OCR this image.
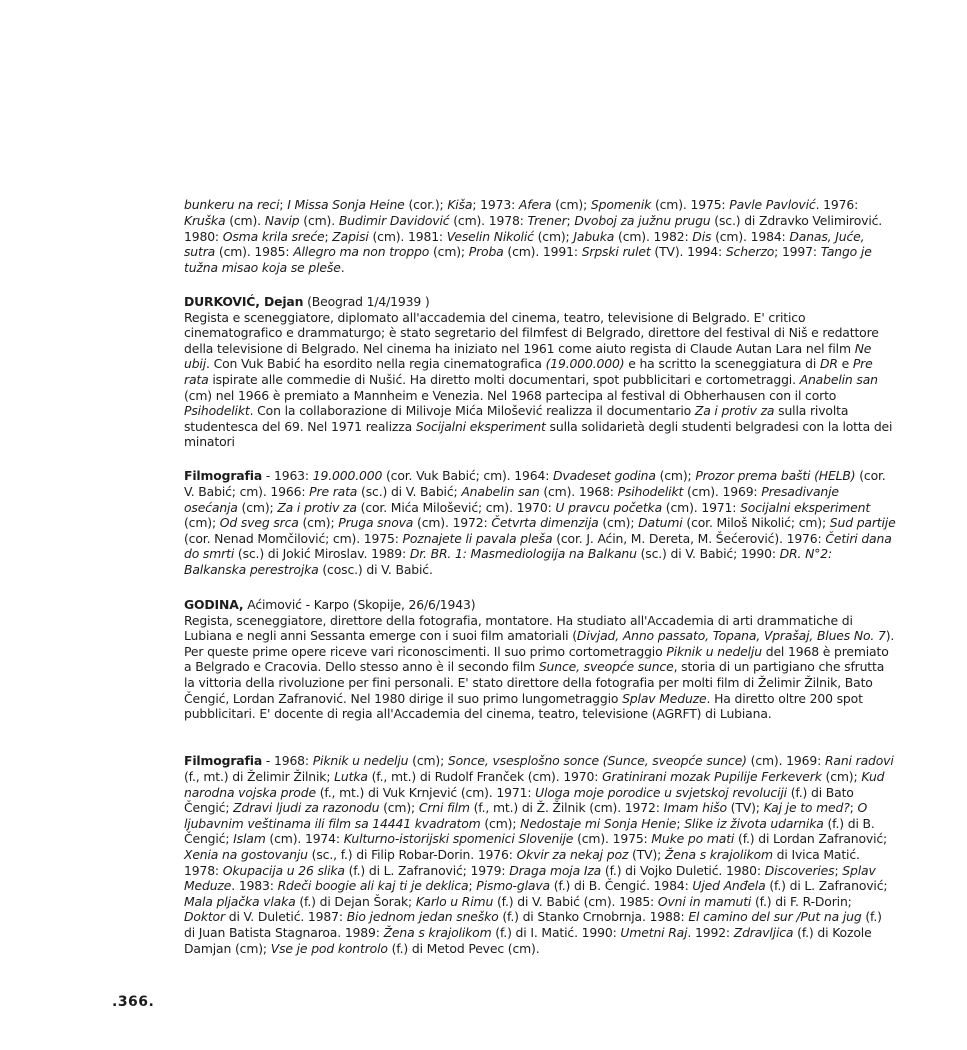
bunkeru na reci; I Missa Sonja Heine (cor.); Kiša; 1973: Afera (cm); Spomenik (cm). 1975: Pavle Pavlović. 1976: Kruška (cm). Navip (cm). Budimir Davidović (cm). 1978: Trener; Dvoboj za južnu prugu (sc.) di Zdravko Velimirović. 1980: Osma krila sreće; Zapisi (cm). 1981: Veselin Nikolić (cm); Jabuka (cm). 1982: Dis (cm). 1984: Danas, Juće, sutra (cm). 1985: Allegro ma non troppo (cm); Proba (cm). 1991: Srpski rulet (TV). 1994: Scherzo; 1997: Tango je tužna misao koja se pleše.

DURKOVIĆ, Dejan (Beograd 1/4/1939 )

Regista e sceneggiatore, diplomato all'accademia del cinema, teatro, televisione di Belgrado. E' critico cinematografico e drammaturgo; è stato segretario del filmfest di Belgrado, direttore del festival di Niš e redattore della televisione di Belgrado. Nel cinema ha iniziato nel 1961 come aiuto regista di Claude Autan Lara nel film Ne ubij. Con Vuk Babić ha esordito nella regia cinematografica (19.000.000) e ha scritto la sceneggiatura di DR e Pre rata ispirate alle commedie di Nušić. Ha diretto molti documentari, spot pubblicitari e cortometraggi. Anabelin san (cm) nel 1966 è premiato a Mannheim e Venezia. Nel 1968 partecipa al festival di Obherhausen con il corto Psihodelikt. Con la collaborazione di Milivoje Mića Milošević realizza il documentario Za i protiv za sulla rivolta studentesca del 69. Nel 1971 realizza Socijalni eksperiment sulla solidarietà degli studenti belgradesi con la lotta dei minatori

Filmografia - 1963: 19.000.000 (cor. Vuk Babić; cm). 1964: Dvadeset godina (cm); Prozor prema bašti (HELB) (cor. V. Babić; cm). 1966: Pre rata (sc.) di V. Babić; Anabelin san (cm). 1968: Psihodelikt (cm). 1969: Presadivanje osećanja (cm); Za i protiv za (cor. Mića Milošević; cm). 1970: U pravcu početka (cm). 1971: Socijalni eksperiment (cm); Od sveg srca (cm); Pruga snova (cm). 1972: Četvrta dimenzija (cm); Datumi (cor. Miloš Nikolić; cm); Sud partije (cor. Nenad Momčilović; cm). 1975: Poznajete li pavala pleša (cor. J. Aćin, M. Dereta, M. Šećerović). 1976: Četiri dana do smrti (sc.) di Jokić Miroslav. 1989: Dr. BR. 1: Masmediologija na Balkanu (sc.) di V. Babić; 1990: DR. N°2: Balkanska perestrojka (cosc.) di V. Babić.

GODINA, Aćimović - Karpo (Skopije, 26/6/1943)

Regista, sceneggiatore, direttore della fotografia, montatore. Ha studiato all'Accademia di arti drammatiche di Lubiana e negli anni Sessanta emerge con i suoi film amatoriali (Divjad, Anno passato, Topana, Vprašaj, Blues No. 7). Per queste prime opere riceve vari riconoscimenti. Il suo primo cortometraggio Piknik u nedelju del 1968 è premiato a Belgrado e Cracovia. Dello stesso anno è il secondo film Sunce, sveopće sunce, storia di un partigiano che sfrutta la vittoria della rivoluzione per fini personali. E' stato direttore della fotografia per molti film di Želimir Žilnik, Bato Čengić, Lordan Zafranović. Nel 1980 dirige il suo primo lungometraggio Splav Meduze. Ha diretto oltre 200 spot pubblicitari. E' docente di regia all'Accademia del cinema, teatro, televisione (AGRFT) di Lubiana.

Filmografia - 1968: Piknik u nedelju (cm); Sonce, vsesplošno sonce (Sunce, sveopće sunce) (cm). 1969: Rani radovi (f., mt.) di Želimir Žilnik; Lutka (f., mt.) di Rudolf Franček (cm). 1970: Gratinirani mozak Pupilije Ferkeverk (cm); Kud narodna vojska prode (f., mt.) di Vuk Krnjević (cm). 1971: Uloga moje porodice u svjetskoj revoluciji (f.) di Bato Čengić; Zdravi ljudi za razonodu (cm); Crni film (f., mt.) di Ž. Žilnik (cm). 1972: Imam hišo (TV); Kaj je to med?; O ljubavnim veštinama ili film sa 14441 kvadratom (cm); Nedostaje mi Sonja Henie; Slike iz života udarnika (f.) di B. Čengić; Islam (cm). 1974: Kulturno-istorijski spomenici Slovenije (cm). 1975: Muke po mati (f.) di Lordan Zafranović; Xenia na gostovanju (sc., f.) di Filip Robar-Dorin. 1976: Okvir za nekaj poz (TV); Žena s krajolikom di Ivica Matić. 1978: Okupacija u 26 slika (f.) di L. Zafranović; 1979: Draga moja Iza (f.) di Vojko Duletić. 1980: Discoveries; Splav Meduze. 1983: Rdeči boogie ali kaj ti je deklica; Pismo-glava (f.) di B. Čengić. 1984: Ujed Anđela (f.) di L. Zafranović; Mala pljačka vlaka (f.) di Dejan Šorak; Karlo u Rimu (f.) di V. Babić (cm). 1985: Ovni in mamuti (f.) di F. R-Dorin; Doktor di V. Duletić. 1987: Bio jednom jedan sneško (f.) di Stanko Crnobrnja. 1988: El camino del sur /Put na jug (f.) di Juan Batista Stagnaroa. 1989: Žena s krajolikom (f.) di I. Matić. 1990: Umetni Raj. 1992: Zdravljica (f.) di Kozole Damjan (cm); Vse je pod kontrolo (f.) di Metod Pevec (cm).

.366.
